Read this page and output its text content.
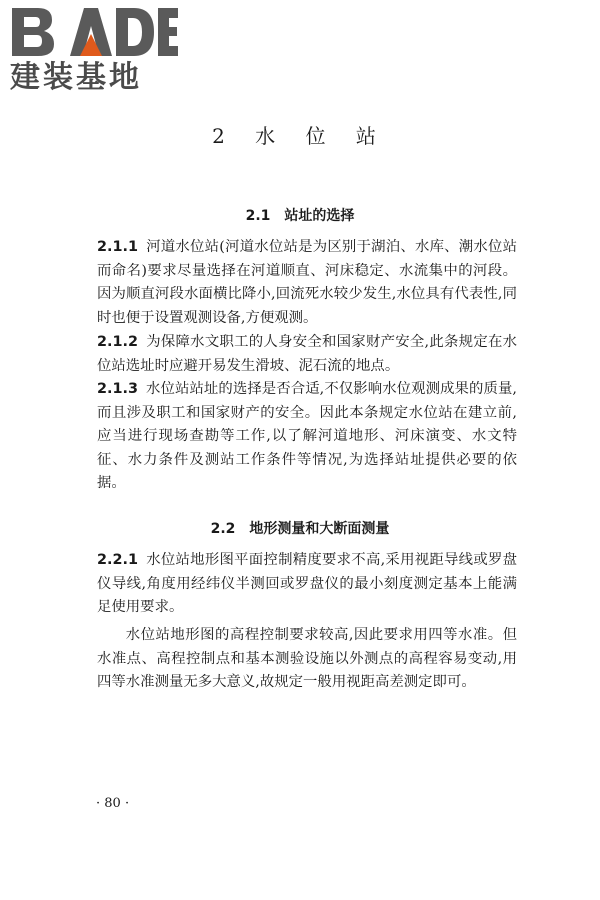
建装基地
2 水 位 站
2.1 站址的选择

2.1.1 河道水位站(河道水位站是为区别于湖泊、水库、潮水位站而命名)要求尽量选择在河道顺直、河床稳定、水流集中的河段。因为顺直河段水面横比降小,回流死水较少发生,水位具有代表性,同时也便于设置观测设备,方便观测。

2.1.2 为保障水文职工的人身安全和国家财产安全,此条规定在水位站选址时应避开易发生滑坡、泥石流的地点。

2.1.3 水位站站址的选择是否合适,不仅影响水位观测成果的质量,而且涉及职工和国家财产的安全。因此本条规定水位站在建立前,应当进行现场查勘等工作,以了解河道地形、河床演变、水文特征、水力条件及测站工作条件等情况,为选择站址提供必要的依据。

2.2 地形测量和大断面测量

2.2.1 水位站地形图平面控制精度要求不高,采用视距导线或罗盘仪导线,角度用经纬仪半测回或罗盘仪的最小刻度测定基本上能满足使用要求。

水位站地形图的高程控制要求较高,因此要求用四等水准。但水准点、高程控制点和基本测验设施以外测点的高程容易变动,用四等水准测量无多大意义,故规定一般用视距高差测定即可。

· 80 ·
